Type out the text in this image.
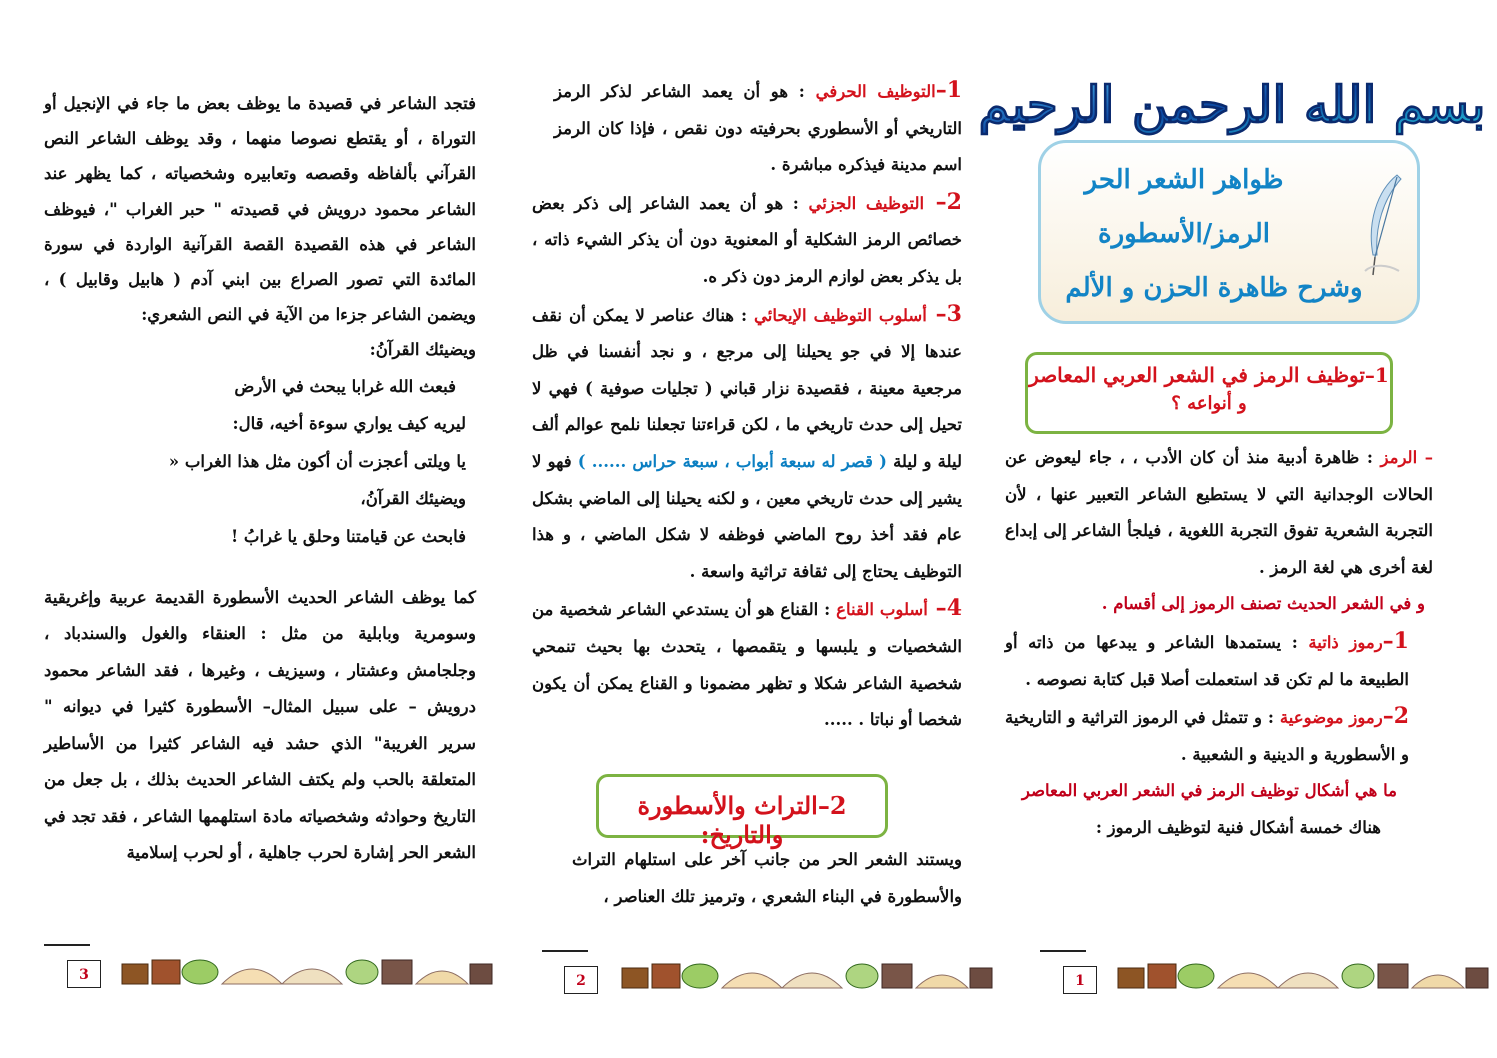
بسم الله الرحمن الرحيم
ظواهر الشعر الحر
الرمز/الأسطورة
وشرح ظاهرة الحزن و الألم
1–توظيف الرمز في الشعر العربي المعاصر
و أنواعه ؟

– الرمز : ظاهرة أدبية منذ أن كان الأدب ، ، جاء ليعوض عن الحالات الوجدانية التي لا يستطيع الشاعر التعبير عنها ، لأن التجربة الشعرية تفوق التجربة اللغوية ، فيلجأ الشاعر إلى إبداع لغة أخرى هي لغة الرمز .

و في الشعر الحديث تصنف الرموز إلى أقسام .

1–رموز ذاتية : يستمدها الشاعر و يبدعها من ذاته أو الطبيعة ما لم تكن قد استعملت أصلا قبل كتابة نصوصه .

2–رموز موضوعية : و تتمثل في الرموز التراثية و التاريخية و الأسطورية و الدينية و الشعبية .

ما هي أشكال توظيف الرمز في الشعر العربي المعاصر

هناك خمسة أشكال فنية لتوظيف الرموز :

1–التوظيف الحرفي : هو أن يعمد الشاعر لذكر الرمز التاريخي أو الأسطوري بحرفيته دون نقص ، فإذا كان الرمز اسم مدينة فيذكره مباشرة .

2– التوظيف الجزئي : هو أن يعمد الشاعر إلى ذكر بعض خصائص الرمز الشكلية أو المعنوية دون أن يذكر الشيء ذاته ، بل يذكر بعض لوازم الرمز دون ذكر ه.

3– أسلوب التوظيف الإيحائي : هناك عناصر لا يمكن أن نقف عندها إلا في جو يحيلنا إلى مرجع ، و نجد أنفسنا في ظل مرجعية معينة ، فقصيدة نزار قباني ( تجليات صوفية ) فهي لا تحيل إلى حدث تاريخي ما ، لكن قراءتنا تجعلنا نلمح عوالم ألف ليلة و ليلة ( قصر له سبعة أبواب ، سبعة حراس ...... ) فهو لا يشير إلى حدث تاريخي معين ، و لكنه يحيلنا إلى الماضي بشكل عام فقد أخذ روح الماضي فوظفه لا شكل الماضي ، و هذا التوظيف يحتاج إلى ثقافة تراثية واسعة .

4– أسلوب القناع : القناع هو أن يستدعي الشاعر شخصية من الشخصيات و يلبسها و يتقمصها ، يتحدث بها بحيث تنمحي شخصية الشاعر شكلا و تظهر مضمونا و القناع يمكن أن يكون شخصا أو نباتا . .....

2–التراث والأسطورة والتاريخ:

ويستند الشعر الحر من جانب آخر على استلهام التراث والأسطورة في البناء الشعري ، وترميز تلك العناصر ،

فتجد الشاعر في قصيدة ما يوظف بعض ما جاء في الإنجيل أو التوراة ، أو يقتطع نصوصا منهما ، وقد يوظف الشاعر النص القرآني بألفاظه وقصصه وتعابيره وشخصياته ، كما يظهر عند الشاعر محمود درويش في قصيدته " حبر الغراب "، فيوظف الشاعر في هذه القصيدة القصة القرآنية الواردة في سورة المائدة التي تصور الصراع بين ابني آدم ( هابيل وقابيل ) ، ويضمن الشاعر جزءا من الآية في النص الشعري:

ويضيئك القرآنُ:

فبعث الله غرابا يبحث في الأرض

ليريه كيف يواري سوءة أخيه، قال:

يا ويلتى أعجزت أن أكون مثل هذا الغراب «

ويضيئك القرآنُ،

فابحث عن قيامتنا وحلق يا غرابُ !

كما يوظف الشاعر الحديث الأسطورة القديمة عربية وإغريقية وسومرية وبابلية من مثل : العنقاء والغول والسندباد ، وجلجامش وعشتار ، وسيزيف ، وغيرها ، فقد الشاعر محمود درويش – على سبيل المثال– الأسطورة كثيرا في ديوانه " سرير الغريبة" الذي حشد فيه الشاعر كثيرا من الأساطير المتعلقة بالحب ولم يكتف الشاعر الحديث بذلك ، بل جعل من التاريخ وحوادثه وشخصياته مادة استلهمها الشاعر ، فقد تجد في الشعر الحر إشارة لحرب جاهلية ، أو لحرب إسلامية

1
2
3
